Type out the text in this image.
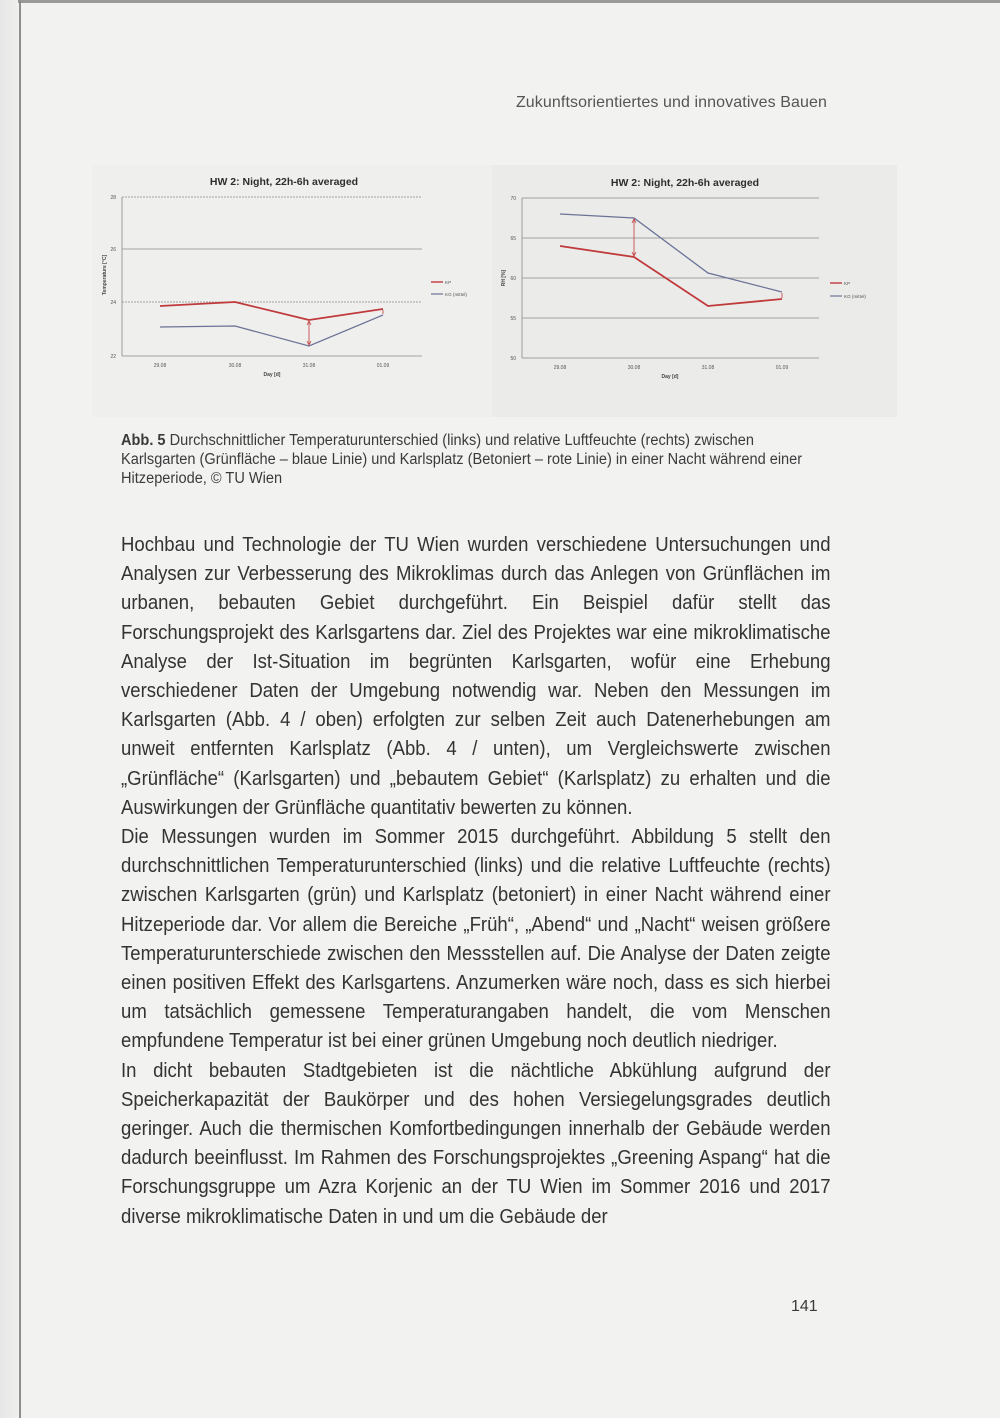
Zukunftsorientiertes und innovatives Bauen
HW 2: Night, 22h-6h averaged
28
26
24
22
Temperature [°C]
29.08	30.08	31.08	01.09
Day [d]
KP
KG (mittel)
HW 2: Night, 22h-6h averaged
70
65
60
55
50
RH [%]
29.08	30.08	31.08	01.09
Day [d]
KP
KG (mittel)
Abb. 5 Durchschnittlicher Temperaturunterschied (links) und relative Luftfeuchte (rechts) zwischen Karlsgarten (Grünfläche – blaue Linie) und Karlsplatz (Betoniert – rote Linie) in einer Nacht während einer Hitzeperiode, © TU Wien

Hochbau und Technologie der TU Wien wurden verschiedene Untersuchungen und Analysen zur Verbesserung des Mikroklimas durch das Anlegen von Grünflächen im urbanen, bebauten Gebiet durchgeführt. Ein Beispiel dafür stellt das Forschungsprojekt des Karlsgartens dar. Ziel des Projektes war eine mikroklimatische Analyse der Ist-Situation im begrünten Karlsgarten, wofür eine Erhebung verschiedener Daten der Umgebung notwendig war. Neben den Messungen im Karlsgarten (Abb. 4 / oben) erfolgten zur selben Zeit auch Datenerhebungen am unweit entfernten Karlsplatz (Abb. 4 / unten), um Vergleichswerte zwischen „Grünfläche“ (Karlsgarten) und „bebautem Gebiet“ (Karlsplatz) zu erhalten und die Auswirkungen der Grünfläche quantitativ bewerten zu können.

Die Messungen wurden im Sommer 2015 durchgeführt. Abbildung 5 stellt den durchschnittlichen Temperaturunterschied (links) und die relative Luftfeuchte (rechts) zwischen Karlsgarten (grün) und Karlsplatz (betoniert) in einer Nacht während einer Hitzeperiode dar. Vor allem die Bereiche „Früh“, „Abend“ und „Nacht“ weisen größere Temperaturunterschiede zwischen den Messstellen auf. Die Analyse der Daten zeigte einen positiven Effekt des Karlsgartens. Anzumerken wäre noch, dass es sich hierbei um tatsächlich gemessene Temperaturangaben handelt, die vom Menschen empfundene Temperatur ist bei einer grünen Umgebung noch deutlich niedriger.

In dicht bebauten Stadtgebieten ist die nächtliche Abkühlung aufgrund der Speicherkapazität der Baukörper und des hohen Versiegelungsgrades deutlich geringer. Auch die thermischen Komfortbedingungen innerhalb der Gebäude werden dadurch beeinflusst. Im Rahmen des Forschungsprojektes „Greening Aspang“ hat die Forschungsgruppe um Azra Korjenic an der TU Wien im Sommer 2016 und 2017 diverse mikroklimatische Daten in und um die Gebäude der

141
